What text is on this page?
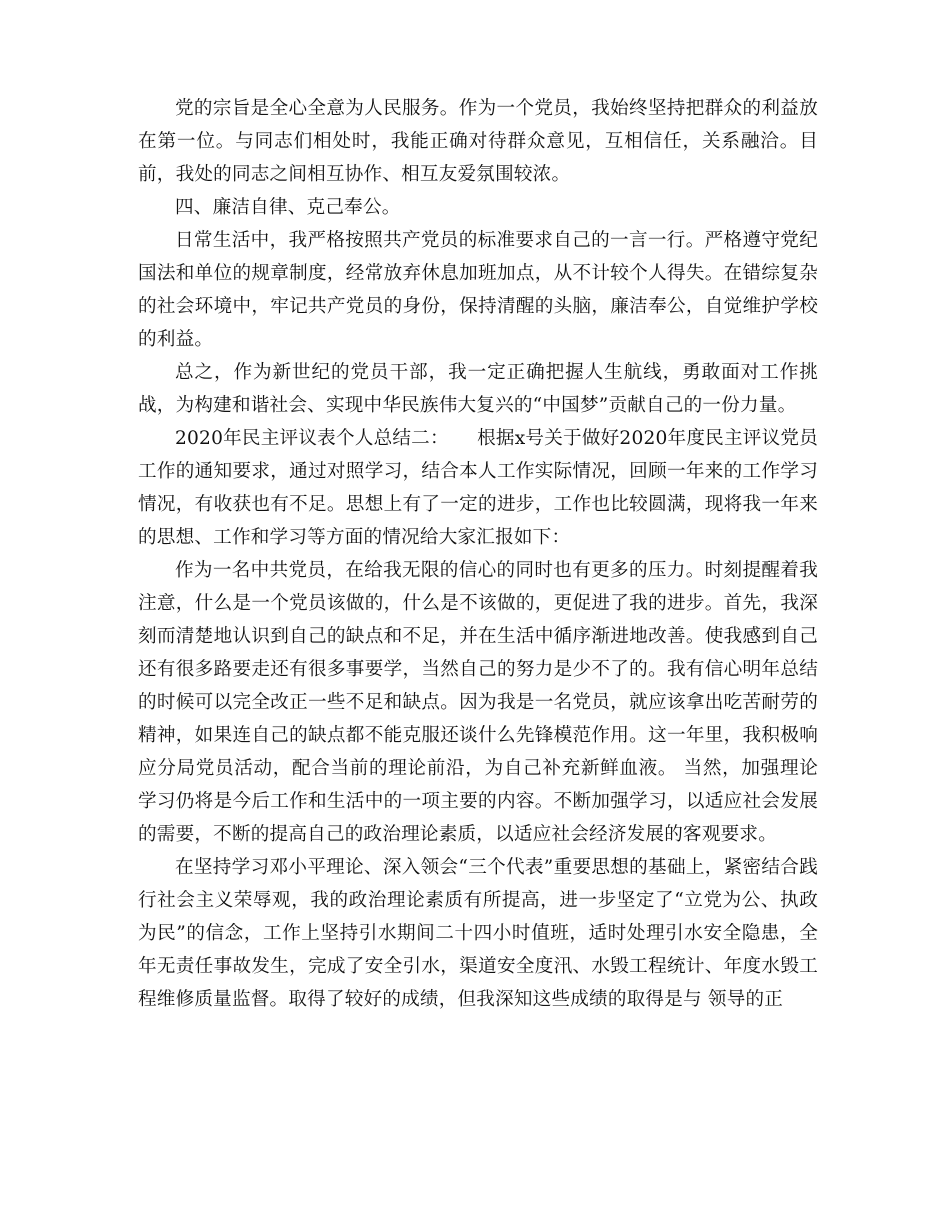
党的宗旨是全心全意为人民服务。作为一个党员，我始终坚持把群众的利益放在第一位。与同志们相处时，我能正确对待群众意见，互相信任，关系融洽。目前，我处的同志之间相互协作、相互友爱氛围较浓。

四、廉洁自律、克己奉公。

日常生活中，我严格按照共产党员的标准要求自己的一言一行。严格遵守党纪国法和单位的规章制度，经常放弃休息加班加点，从不计较个人得失。在错综复杂的社会环境中，牢记共产党员的身份，保持清醒的头脑，廉洁奉公，自觉维护学校的利益。

总之，作为新世纪的党员干部，我一定正确把握人生航线，勇敢面对工作挑战，为构建和谐社会、实现中华民族伟大复兴的“中国梦”贡献自己的一份力量。

2020年民主评议表个人总结二：　　根据x号关于做好2020年度民主评议党员工作的通知要求，通过对照学习，结合本人工作实际情况，回顾一年来的工作学习情况，有收获也有不足。思想上有了一定的进步，工作也比较圆满，现将我一年来的思想、工作和学习等方面的情况给大家汇报如下：

作为一名中共党员，在给我无限的信心的同时也有更多的压力。时刻提醒着我注意，什么是一个党员该做的，什么是不该做的，更促进了我的进步。首先，我深刻而清楚地认识到自己的缺点和不足，并在生活中循序渐进地改善。使我感到自己还有很多路要走还有很多事要学，当然自己的努力是少不了的。我有信心明年总结的时候可以完全改正一些不足和缺点。因为我是一名党员，就应该拿出吃苦耐劳的精神，如果连自己的缺点都不能克服还谈什么先锋模范作用。这一年里，我积极响应分局党员活动，配合当前的理论前沿，为自己补充新鲜血液。 当然，加强理论学习仍将是今后工作和生活中的一项主要的内容。不断加强学习，以适应社会发展的需要，不断的提高自己的政治理论素质，以适应社会经济发展的客观要求。

在坚持学习邓小平理论、深入领会“三个代表”重要思想的基础上，紧密结合践行社会主义荣辱观，我的政治理论素质有所提高，进一步坚定了“立党为公、执政为民”的信念，工作上坚持引水期间二十四小时值班，适时处理引水安全隐患，全年无责任事故发生，完成了安全引水，渠道安全度汛、水毁工程统计、年度水毁工程维修质量监督。取得了较好的成绩，但我深知这些成绩的取得是与 领导的正
